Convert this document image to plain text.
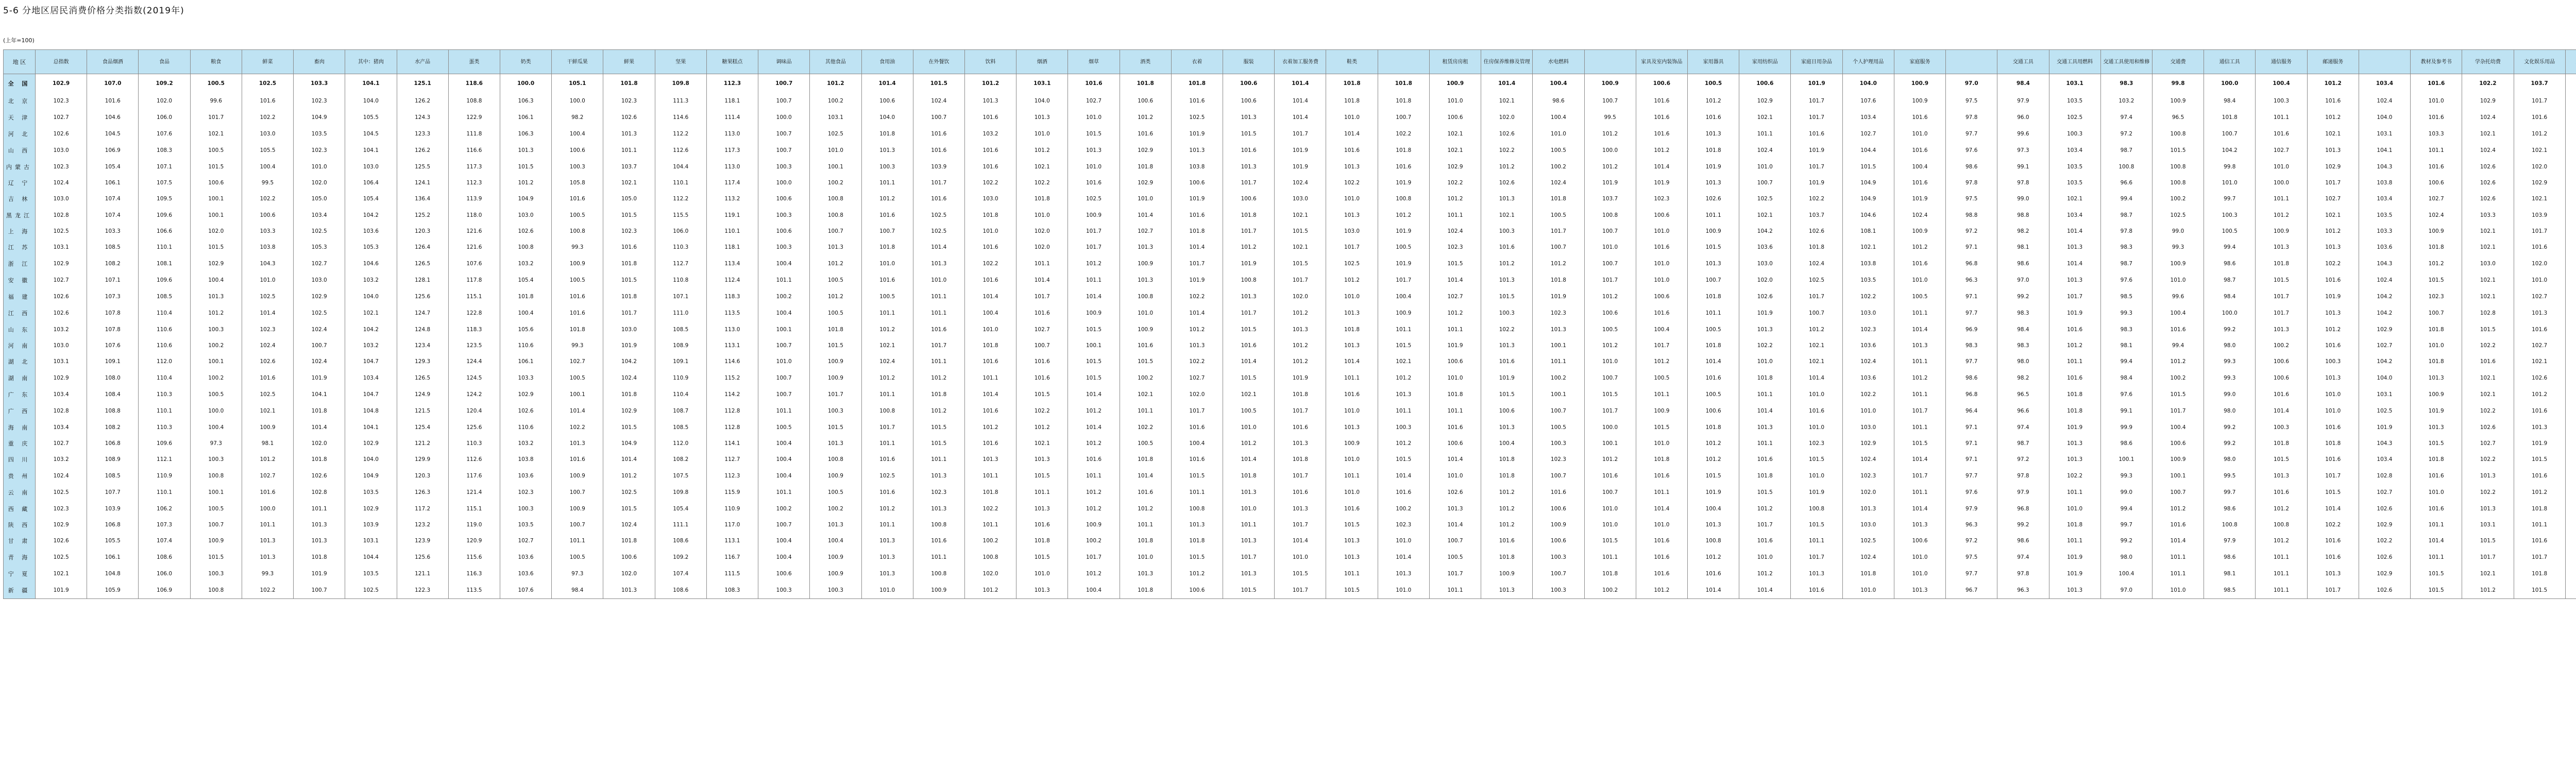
5-6 分地区居民消费价格分类指数(2019年)
(上年=100)
地 区	总指数	食品烟酒	食品	粮食	鲜菜	畜肉	其中：猪肉	水产品	蛋类	奶类	干鲜瓜果	鲜果	坚果	糖果糕点	调味品	其他食品	食用油	在外餐饮	饮料	烟酒	烟草	酒类	衣着	服装	衣着加工服务费	鞋类		租赁房房租	住房保养维修及管理	水电燃料		家具及室内装饰品	家用器具	家用纺织品	家庭日用杂品	个人护理用品	家庭服务		交通工具	交通工具用燃料	交通工具使用和维修	交通费	通信工具	通信服务	邮递服务		教材及参考书	学杂托幼费	文化娱乐用品							
全 国	102.9	107.0	109.2	100.5	102.5	103.3	104.1	125.1	118.6	100.0	105.1	101.8	109.8	112.3	100.7	101.2	101.4	101.5	101.2	103.1	101.6	101.8	101.8	100.6	101.4	101.8	101.8	100.9	101.4	100.4	100.9	100.6	100.5	100.6	101.9	104.0	100.9	97.0	98.4	103.1	98.3	99.8	100.0	100.4	101.2	103.4	101.6	102.2	103.7							
北 京	102.3	101.6	102.0	99.6	101.6	102.3	104.0	126.2	108.8	106.3	100.0	102.3	111.3	118.1	100.7	100.2	100.6	102.4	101.3	104.0	102.7	100.6	101.6	100.6	101.4	101.8	101.8	101.0	102.1	98.6	100.7	101.6	101.2	102.9	101.7	107.6	100.9	97.5	97.9	103.5	103.2	100.9	98.4	100.3	101.6	102.4	101.0	102.9	101.7							
天 津	102.7	104.6	106.0	101.7	102.2	104.9	105.5	124.3	122.9	106.1	98.2	102.6	114.6	111.4	100.0	103.1	104.0	100.7	101.6	101.3	101.0	101.2	102.5	101.3	101.4	101.0	100.7	100.6	102.0	100.4	99.5	101.6	101.6	102.1	101.7	103.4	101.6	97.8	96.0	102.5	97.4	96.5	101.8	101.1	101.2	104.0	101.6	102.4	101.6							
河 北	102.6	104.5	107.6	102.1	103.0	103.5	104.5	123.3	111.8	106.3	100.4	101.3	112.2	113.0	100.7	102.5	101.8	101.6	103.2	101.0	101.5	101.6	101.9	101.5	101.7	101.4	102.2	102.1	102.6	101.0	101.2	101.6	101.3	101.1	101.6	102.7	101.0	97.7	99.6	100.3	97.2	100.8	100.7	101.6	102.1	103.1	103.3	102.1	101.2							
山 西	103.0	106.9	108.3	100.5	105.5	102.3	104.1	126.2	116.6	101.3	100.6	101.1	112.6	117.3	100.7	101.0	101.3	101.6	101.6	101.2	101.3	102.9	101.3	101.6	101.9	101.6	101.8	102.1	102.2	100.5	100.0	101.2	101.8	102.4	101.9	104.4	101.6	97.6	97.3	103.4	98.7	101.5	104.2	102.7	101.3	104.1	101.1	102.4	102.1							
内蒙古	102.3	105.4	107.1	101.5	100.4	101.0	103.0	125.5	117.3	101.5	100.3	103.7	104.4	113.0	100.3	100.1	100.3	103.9	101.6	102.1	101.0	101.8	103.8	101.3	101.9	101.3	101.6	102.9	101.2	100.2	101.2	101.4	101.9	101.0	101.7	101.5	100.4	98.6	99.1	103.5	100.8	100.8	99.8	101.0	102.9	104.3	101.6	102.6	102.0							
辽 宁	102.4	106.1	107.5	100.6	99.5	102.0	106.4	124.1	112.3	101.2	105.8	102.1	110.1	117.4	100.0	100.2	101.1	101.7	102.2	102.2	101.6	102.9	100.6	101.7	102.4	102.2	101.9	102.2	102.6	102.4	101.9	101.9	101.3	100.7	101.9	104.9	101.6	97.8	97.8	103.5	96.6	100.8	101.0	100.0	101.7	103.8	100.6	102.6	102.9							
吉 林	103.0	107.4	109.5	100.1	102.2	105.0	105.4	136.4	113.9	104.9	101.6	105.0	112.2	113.2	100.6	100.8	101.2	101.6	103.0	101.8	102.5	101.0	101.9	100.6	103.0	101.0	100.8	101.2	101.3	101.8	103.7	102.3	102.6	102.5	102.2	104.9	101.9	97.5	99.0	102.1	99.4	100.2	99.7	101.1	102.7	103.4	102.7	102.6	102.1							
黑龙江	102.8	107.4	109.6	100.1	100.6	103.4	104.2	125.2	118.0	103.0	100.5	101.5	115.5	119.1	100.3	100.8	101.6	102.5	101.8	101.0	100.9	101.4	101.6	101.8	102.1	101.3	101.2	101.1	102.1	100.5	100.8	100.6	101.1	102.1	103.7	104.6	102.4	98.8	98.8	103.4	98.7	102.5	100.3	101.2	102.1	103.5	102.4	103.3	103.9							
上 海	102.5	103.3	106.6	102.0	103.3	102.5	103.6	120.3	121.6	102.6	100.8	102.3	106.0	110.1	100.6	100.7	100.7	102.5	101.0	102.0	101.7	102.7	101.8	101.7	101.5	103.0	101.9	102.4	100.3	101.7	100.7	101.0	100.9	104.2	102.6	108.1	100.9	97.2	98.2	101.4	97.8	99.0	100.5	100.9	101.2	103.3	100.9	102.1	101.7							
江 苏	103.1	108.5	110.1	101.5	103.8	105.3	105.3	126.4	121.6	100.8	99.3	101.6	110.3	118.1	100.3	101.3	101.8	101.4	101.6	102.0	101.7	101.3	101.4	101.2	102.1	101.7	100.5	102.3	101.6	100.7	101.0	101.6	101.5	103.6	101.8	102.1	101.2	97.1	98.1	101.3	98.3	99.3	99.4	101.3	101.3	103.6	101.8	102.1	101.6							
浙 江	102.9	108.2	108.1	102.9	104.3	102.7	104.6	126.5	107.6	103.2	100.9	101.8	112.7	113.4	100.4	101.2	101.0	101.3	102.2	101.1	101.2	100.9	101.7	101.9	101.5	102.5	101.9	101.5	101.2	101.2	100.7	101.0	101.3	103.0	102.4	103.8	101.6	96.8	98.6	101.4	98.7	100.9	98.6	101.8	102.2	104.3	101.2	103.0	102.0							
安 徽	102.7	107.1	109.6	100.4	101.0	103.0	103.2	128.1	117.8	105.4	100.5	101.5	110.8	112.4	101.1	100.5	101.6	101.0	101.6	101.4	101.1	101.3	101.9	100.8	101.7	101.2	101.7	101.4	101.3	101.8	101.7	101.0	100.7	102.0	102.5	103.5	101.0	96.3	97.0	101.3	97.6	101.0	98.7	101.5	101.6	102.4	101.5	102.1	101.0							
福 建	102.6	107.3	108.5	101.3	102.5	102.9	104.0	125.6	115.1	101.8	101.6	101.8	107.1	118.3	100.2	101.2	100.5	101.1	101.4	101.7	101.4	100.8	102.2	101.3	102.0	101.0	100.4	102.7	101.5	101.9	101.2	100.6	101.8	102.6	101.7	102.2	100.5	97.1	99.2	101.7	98.5	99.6	98.4	101.7	101.9	104.2	102.3	102.1	102.7							
江 西	102.6	107.8	110.4	101.2	101.4	102.5	102.1	124.7	122.8	100.4	101.6	101.7	111.0	113.5	100.4	100.5	101.1	101.1	100.4	101.6	100.9	101.0	101.4	101.7	101.2	101.3	100.9	101.2	100.3	102.3	100.6	101.6	101.1	101.9	100.7	103.0	101.1	97.7	98.3	101.9	99.3	100.4	100.0	101.7	101.3	104.2	100.7	102.8	101.3							
山 东	103.2	107.8	110.6	100.3	102.3	102.4	104.2	124.8	118.3	105.6	101.8	103.0	108.5	113.0	100.1	101.8	101.2	101.6	101.0	102.7	101.5	100.9	101.2	101.5	101.3	101.8	101.1	101.1	102.2	101.3	100.5	100.4	100.5	101.3	101.2	102.3	101.4	96.9	98.4	101.6	98.3	101.6	99.2	101.3	101.2	102.9	101.8	101.5	101.6							
河 南	103.0	107.6	110.6	100.2	102.4	100.7	103.2	123.4	123.5	110.6	99.3	101.9	108.9	113.1	100.7	101.5	102.1	101.7	101.8	100.7	100.1	101.6	101.3	101.6	101.2	101.3	101.5	101.9	101.3	100.1	101.2	101.7	101.8	102.2	102.1	103.6	101.3	98.3	98.3	101.2	98.1	99.4	98.0	100.2	101.6	102.7	101.0	102.2	102.7							
湖 北	103.1	109.1	112.0	100.1	102.6	102.4	104.7	129.3	124.4	106.1	102.7	104.2	109.1	114.6	101.0	100.9	102.4	101.1	101.6	101.6	101.5	101.5	102.2	101.4	101.2	101.4	102.1	100.6	101.6	101.1	101.0	101.2	101.4	101.0	102.1	102.4	101.1	97.7	98.0	101.1	99.4	101.2	99.3	100.6	100.3	104.2	101.8	101.6	102.1							
湖 南	102.9	108.0	110.4	100.2	101.6	101.9	103.4	126.5	124.5	103.3	100.5	102.4	110.9	115.2	100.7	100.9	101.2	101.2	101.1	101.6	101.5	100.2	102.7	101.5	101.9	101.1	101.2	101.0	101.9	100.2	100.7	100.5	101.6	101.8	101.4	103.6	101.2	98.6	98.2	101.6	98.4	100.2	99.3	100.6	101.3	104.0	101.3	102.1	102.6							
广 东	103.4	108.4	110.3	100.5	102.5	104.1	104.7	124.9	124.2	102.9	100.1	101.8	110.4	114.2	100.7	101.7	101.1	101.8	101.4	101.5	101.4	102.1	102.0	102.1	101.8	101.6	101.3	101.8	101.5	100.1	101.5	101.1	100.5	101.1	101.0	102.2	101.1	96.8	96.5	101.8	97.6	101.5	99.0	101.6	101.0	103.1	100.9	102.1	101.2							
广 西	102.8	108.8	110.1	100.0	102.1	101.8	104.8	121.5	120.4	102.6	101.4	102.9	108.7	112.8	101.1	100.3	100.8	101.2	101.6	102.2	101.2	101.1	101.7	100.5	101.7	101.0	101.1	101.1	100.6	100.7	101.7	100.9	100.6	101.4	101.6	101.0	101.7	96.4	96.6	101.8	99.1	101.7	98.0	101.4	101.0	102.5	101.9	102.2	101.6							
海 南	103.4	108.2	110.3	100.4	100.9	101.4	104.1	125.4	125.6	110.6	102.2	101.5	108.5	112.8	100.5	101.5	101.7	101.5	101.2	101.2	101.4	102.2	101.6	101.0	101.6	101.3	100.3	101.6	101.3	100.5	100.0	101.5	101.8	101.3	101.0	103.0	101.1	97.1	97.4	101.9	99.9	100.4	99.2	100.3	101.6	101.9	101.3	102.6	101.3							
重 庆	102.7	106.8	109.6	97.3	98.1	102.0	102.9	121.2	110.3	103.2	101.3	104.9	112.0	114.1	100.4	101.3	101.1	101.5	101.6	102.1	101.2	100.5	100.4	101.2	101.3	100.9	101.2	100.6	100.4	100.3	100.1	101.0	101.2	101.1	102.3	102.9	101.5	97.1	98.7	101.3	98.6	100.6	99.2	101.8	101.8	104.3	101.5	102.7	101.9							
四 川	103.2	108.9	112.1	100.3	101.2	101.8	104.0	129.9	112.6	103.8	101.6	101.4	108.2	112.7	100.4	100.8	101.6	101.1	101.3	101.3	101.6	101.8	101.6	101.4	101.8	101.0	101.5	101.4	101.8	102.3	101.2	101.8	101.2	101.6	101.5	102.4	101.4	97.1	97.2	101.3	100.1	100.9	98.0	101.5	101.6	103.4	101.8	102.2	101.5							
贵 州	102.4	108.5	110.9	100.8	102.7	102.6	104.9	120.3	117.6	103.6	100.9	101.2	107.5	112.3	100.4	100.9	102.5	101.3	101.1	101.5	101.1	101.4	101.5	101.8	101.7	101.1	101.4	101.0	101.8	100.7	101.6	101.6	101.5	101.8	101.0	102.3	101.7	97.7	97.8	102.2	99.3	100.1	99.5	101.3	101.7	102.8	101.6	101.3	101.6							
云 南	102.5	107.7	110.1	100.1	101.6	102.8	103.5	126.3	121.4	102.3	100.7	102.5	109.8	115.9	101.1	100.5	101.6	102.3	101.8	101.1	101.2	101.6	101.1	101.3	101.6	101.0	101.6	102.6	101.2	101.6	100.7	101.1	101.9	101.5	101.9	102.0	101.1	97.6	97.9	101.1	99.0	100.7	99.7	101.6	101.5	102.7	101.0	102.2	101.2							
西 藏	102.3	103.9	106.2	100.5	100.0	101.1	102.9	117.2	115.1	100.3	100.9	101.5	105.4	110.9	100.2	100.2	101.2	101.3	102.2	101.3	101.2	101.2	100.8	101.0	101.3	101.6	100.2	101.3	101.2	100.6	101.0	101.4	100.4	101.2	100.8	101.3	101.4	97.9	96.8	101.0	99.4	101.2	98.6	101.2	101.4	102.6	101.6	101.3	101.8							
陕 西	102.9	106.8	107.3	100.7	101.1	101.3	103.9	123.2	119.0	103.5	100.7	102.4	111.1	117.0	100.7	101.3	101.1	100.8	101.1	101.6	100.9	101.1	101.3	101.1	101.7	101.5	102.3	101.4	101.2	100.9	101.0	101.0	101.3	101.7	101.5	103.0	101.3	96.3	99.2	101.8	99.7	101.6	100.8	100.8	102.2	102.9	101.1	103.1	101.1							
甘 肃	102.6	105.5	107.4	100.9	101.3	101.3	103.1	123.9	120.9	102.7	101.1	101.8	108.6	113.1	100.4	100.4	101.3	101.6	100.2	101.8	100.2	101.8	101.8	101.3	101.4	101.3	101.0	100.7	101.6	100.6	101.5	101.6	100.8	101.6	101.1	102.5	100.6	97.2	98.6	101.1	99.2	101.4	97.9	101.2	101.6	102.2	101.4	101.5	101.6							
青 海	102.5	106.1	108.6	101.5	101.3	101.8	104.4	125.6	115.6	103.6	100.5	100.6	109.2	116.7	100.4	100.9	101.3	101.1	100.8	101.5	101.7	101.0	101.5	101.7	101.0	101.3	101.4	100.5	101.8	100.3	101.1	101.6	101.2	101.0	101.7	102.4	101.0	97.5	97.4	101.9	98.0	101.1	98.6	101.1	101.6	102.6	101.1	101.7	101.7							
宁 夏	102.1	104.8	106.0	100.3	99.3	101.9	103.5	121.1	116.3	103.6	97.3	102.0	107.4	111.5	100.6	100.9	101.3	100.8	102.0	101.0	101.2	101.3	101.2	101.3	101.5	101.1	101.3	101.7	100.9	100.7	101.8	101.6	101.6	101.2	101.3	101.8	101.0	97.7	97.8	101.9	100.4	101.1	98.1	101.1	101.3	102.9	101.5	102.1	101.8							
新 疆	101.9	105.9	106.9	100.8	102.2	100.7	102.5	122.3	113.5	107.6	98.4	101.3	108.6	108.3	100.3	100.3	101.0	100.9	101.2	101.3	100.4	101.8	100.6	101.5	101.7	101.5	101.0	101.1	101.3	100.3	100.2	101.2	101.4	101.4	101.6	101.0	101.3	96.7	96.3	101.3	97.0	101.0	98.5	101.1	101.7	102.6	101.5	101.2	101.5							
